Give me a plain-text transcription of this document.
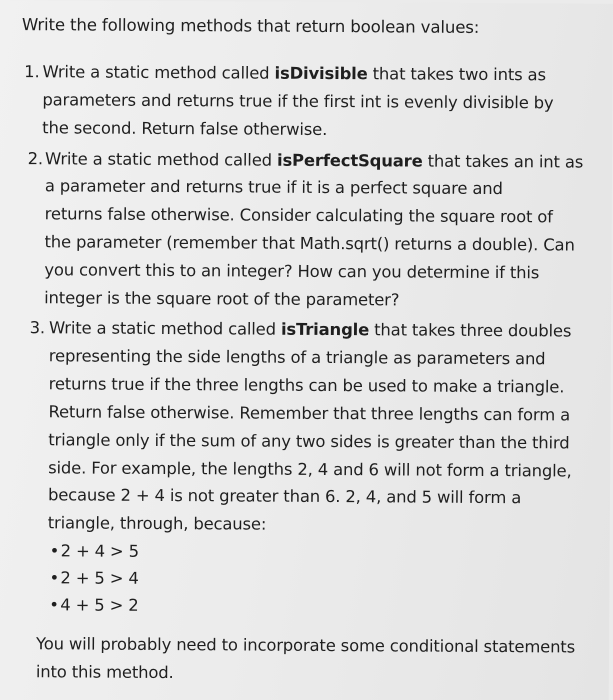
Write the following methods that return boolean values:
1. Write a static method called isDivisible that takes two ints as
parameters and returns true if the first int is evenly divisible by
the second. Return false otherwise.
2. Write a static method called isPerfectSquare that takes an int as
a parameter and returns true if it is a perfect square and
returns false otherwise. Consider calculating the square root of
the parameter (remember that Math.sqrt() returns a double). Can
you convert this to an integer? How can you determine if this
integer is the square root of the parameter?
3. Write a static method called isTriangle that takes three doubles
representing the side lengths of a triangle as parameters and
returns true if the three lengths can be used to make a triangle.
Return false otherwise. Remember that three lengths can form a
triangle only if the sum of any two sides is greater than the third
side. For example, the lengths 2, 4 and 6 will not form a triangle,
because 2 + 4 is not greater than 6. 2, 4, and 5 will form a
triangle, through, because:
•2 + 4 > 5
•2 + 5 > 4
•4 + 5 > 2
You will probably need to incorporate some conditional statements
into this method.
